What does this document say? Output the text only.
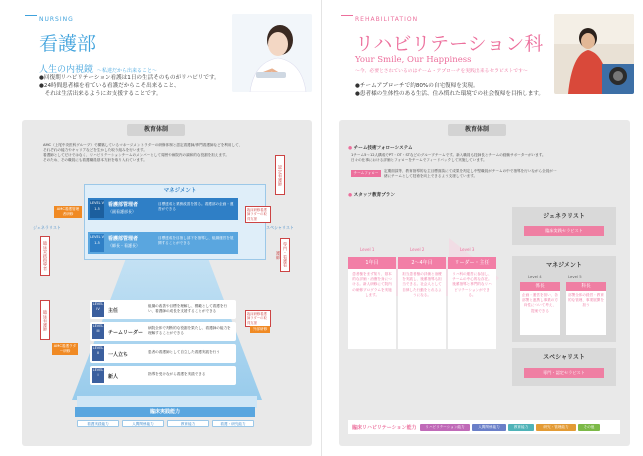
NURSING
看護部
人生の内視鏡 ～私達だから出来ること～
●回復期リハビリテーション看護は1日の生活そのものがリハビリです。
●24時間患者様を看ている看護だからこそ出来ること、
　それは生活出来るようにお支援することです。
教育体制
AMC（上尾中央医科グループ）で構築しているマネージメントラダーの研修体制と認定看護師/専門看護師などを利用して、
それぞれの能力やキャリアなどを生かした取り組みを行います。
看護師としてだけではなく、リハビリテーションチームのメンバーとして周囲や病院内の調和的な役割を担えます。
そのため、その職員にも看護職員基本方針を取り入れています。
マネジメント
LEVEL V 1-5
看護部管理者
（副看護部長）
目標達成と業務改善を図る。看護部の企画・運営ができる
LEVEL V 1-5
看護部管理者
（師長・看護長）
目標達成を目指し部下を指導し、組織運営を展開することができる
認定看護師
専門・看護看護師
臨床実践指導者
臨床看護師
ジェネラリスト	スペシャリスト
AMC看護管理者研修
AMC看護ラダー研修
臨床研修看護師ラダーの取得支援
臨床研修看護師ラダーの取得支援
外部研修
LEVEL IV	主任
組織の改善や目標を理解し、模範として看護を行い、看護師の成長を支援することができる
LEVEL III	チームリーダー
病院全体で判断的な役割を果たし、看護師の能力を理解することができる
LEVEL II	一人立ち	患者の看護師として自立した看護実践を行う
LEVEL I	新人	指導を受けながら看護を実践できる
臨床実践能力
看護実践能力	人間関係能力	教育能力	看護・研究能力
REHABILITATION
リハビリテーション科
Your Smile, Our Happiness
～今、必要とされているのはチーム・アプローチを実践出来るセラピストです～
●チームアプローチで約80%の自宅復帰を実現。
●患者様の生体性のある生活、住み慣れた環境での社会復帰を目指します。
教育体制
● チーム技術フォローシステム
1チーム5～12人構成でPT・OT・STなどのグループチームです。新入職員も技師長とチームの経験サポーターがいます。
日々の仕事における評価とフォローをチームでフィードバックして実施しています。
チームフォロー	定期面談等、教育指導的な主目標面談にて成果を判定し中堅職員がチームの中で指導を行いながら全員が一緒にチームとして技術を向上できるよう支援しています。
● スタッフ教育プラン
Level 1	Level 2	Level 3
1年目	2～4年目	リーダー・主任
患者様をまず知り、基本的な評価・治療を身につける。新人研修にて院内の研修プログラムを実施します。
担当患者様の評価と治療を実践し、後輩指導も担当できる。社会人として自律した行動をとれるようになる。
リハ科の運営に参加し、チームの中心的な存在。後輩指導と専門的なリハビリテーションができる。
ジェネラリスト
臨床実践セラピスト
マネジメント
Level 4	Level 5
係長	科長
企画・運営を担い、各部署と連携し事業の方向性について考え、提案できる
部署全体の経営・教育的な管理、事業展開を担う
スペシャリスト
専門・認定セラピスト
臨床リハビリテーション能力	リハビリテーション能力	人間関係能力	教育能力	研究・管理能力	その他
